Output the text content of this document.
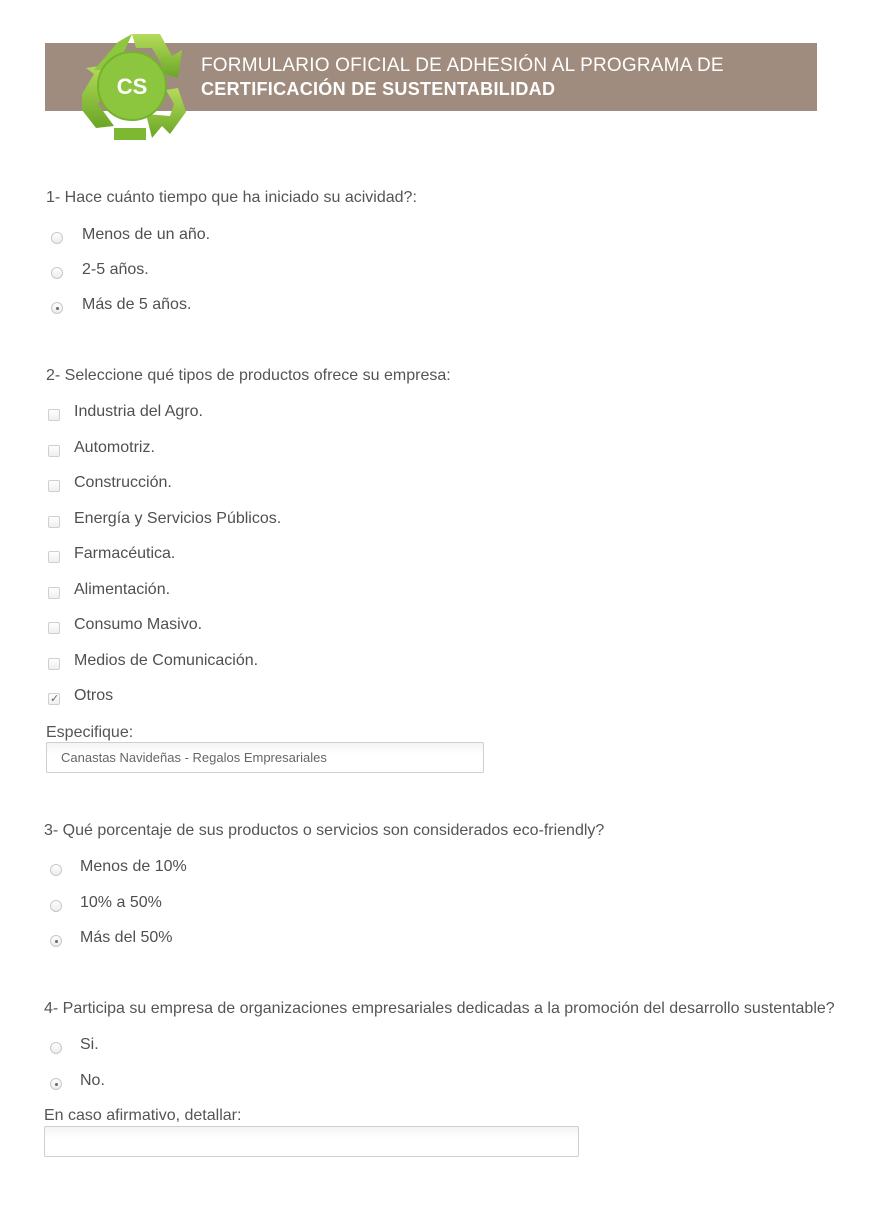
FORMULARIO OFICIAL DE ADHESIÓN AL PROGRAMA DE
CERTIFICACIÓN DE SUSTENTABILIDAD
CS
1- Hace cuánto tiempo que ha iniciado su acividad?:
Menos de un año.
2-5 años.
Más de 5 años.
2- Seleccione qué tipos de productos ofrece su empresa:
Industria del Agro.
Automotriz.
Construcción.
Energía y Servicios Públicos.
Farmacéutica.
Alimentación.
Consumo Masivo.
Medios de Comunicación.
✓ Otros
Especifique:
Canastas Navideñas - Regalos Empresariales
3- Qué porcentaje de sus productos o servicios son considerados eco-friendly?
Menos de 10%
10% a 50%
Más del 50%
4- Participa su empresa de organizaciones empresariales dedicadas a la promoción del desarrollo sustentable?
Si.
No.
En caso afirmativo, detallar:
